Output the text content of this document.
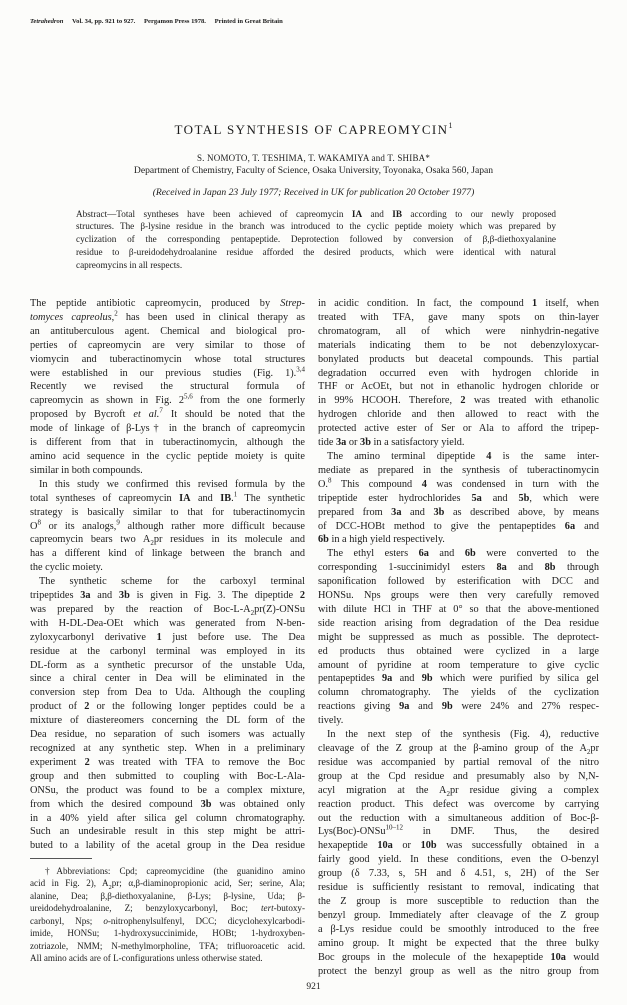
Tetrahedron Vol. 34, pp. 921 to 927. Pergamon Press 1978. Printed in Great Britain
TOTAL SYNTHESIS OF CAPREOMYCIN$^1$
S. NOMOTO, T. TESHIMA, T. WAKAMIYA and T. SHIBA*
Department of Chemistry, Faculty of Science, Osaka University, Toyonaka, Osaka 560, Japan
(Received in Japan 23 July 1977; Received in UK for publication 20 October 1977)
Abstract—Total syntheses have been achieved of capreomycin IA and IB according to our newly proposed
structures. The β-lysine residue in the branch was introduced to the cyclic peptide moiety which was prepared by
cyclization of the corresponding pentapeptide. Deprotection followed by conversion of β,β-diethoxyalanine
residue to β-ureidodehydroalanine residue afforded the desired products, which were identical with natural
capreomycins in all respects.
The peptide antibiotic capreomycin, produced by Strep-
tomyces capreolus,$^2$ has been used in clinical therapy as
an antituberculous agent. Chemical and biological pro-
perties of capreomycin are very similar to those of
viomycin and tuberactinomycin whose total structures
were established in our previous studies (Fig. 1).$^{3,4}$
Recently we revised the structural formula of
capreomycin as shown in Fig. 2$^{5,6}$ from the one formerly
proposed by Bycroft et al.$^7$ It should be noted that the
mode of linkage of β-Lys† in the branch of capreomycin
is different from that in tuberactinomycin, although the
amino acid sequence in the cyclic peptide moiety is quite
similar in both compounds.
In this study we confirmed this revised formula by the
total syntheses of capreomycin IA and IB.$^1$ The synthetic
strategy is basically similar to that for tuberactinomycin
$O^8$ or its analogs,$^9$ although rather more difficult because
capreomycin bears two $A_2pr$ residues in its molecule and
has a different kind of linkage between the branch and
the cyclic moiety.
The synthetic scheme for the carboxyl terminal
tripeptides 3a and 3b is given in Fig. 3. The dipeptide 2
was prepared by the reaction of Boc-$L-A_2pr(Z)$-ONSu
with H-DL-Dea-OEt which was generated from N-ben-
zyloxycarbonyl derivative 1 just before use. The Dea
residue at the carbonyl terminal was employed in its
DL-form as a synthetic precursor of the unstable Uda,
since a chiral center in Dea will be eliminated in the
conversion step from Dea to Uda. Although the coupling
product of 2 or the following longer peptides could be a
mixture of diastereomers concerning the DL form of the
Dea residue, no separation of such isomers was actually
recognized at any synthetic step. When in a preliminary
experiment 2 was treated with TFA to remove the Boc
group and then submitted to coupling with Boc-L-Ala-
ONSu, the product was found to be a complex mixture,
from which the desired compound 3b was obtained only
in a 40% yield after silica gel column chromatography.
Such an undesirable result in this step might be attri-
buted to a lability of the acetal group in the Dea residue
†Abbreviations: Cpd; capreomycidine (the guanidino amino
acid in Fig. 2), $A_2pr$; α,β-diaminopropionic acid, Ser; serine, Ala;
alanine, Dea; β,β-diethoxyalanine, β-Lys; β-lysine, Uda; β-
ureidodehydroalanine, Z; benzyloxycarbonyl, Boc; tert-butoxy-
carbonyl, Nps; o-nitrophenylsulfenyl, DCC; dicyclohexylcarbodi-
imide, HONSu; 1-hydroxysuccinimide, HOBt; 1-hydroxyben-
zotriazole, NMM; N-methylmorpholine, TFA; trifluoroacetic acid.
All amino acids are of L-configurations unless otherwise stated.
in acidic condition. In fact, the compound 1 itself, when
treated with TFA, gave many spots on thin-layer
chromatogram, all of which were ninhydrin-negative
materials indicating them to be not debenzyloxycar-
bonylated products but deacetal compounds. This partial
degradation occurred even with hydrogen chloride in
THF or AcOEt, but not in ethanolic hydrogen chloride or
in 99% HCOOH. Therefore, 2 was treated with ethanolic
hydrogen chloride and then allowed to react with the
protected active ester of Ser or Ala to afford the tripep-
tide 3a or 3b in a satisfactory yield.
The amino terminal dipeptide 4 is the same inter-
mediate as prepared in the synthesis of tuberactinomycin
O.$^8$ This compound 4 was condensed in turn with the
tripeptide ester hydrochlorides 5a and 5b, which were
prepared from 3a and 3b as described above, by means
of DCC-HOBt method to give the pentapeptides 6a and
6b in a high yield respectively.
The ethyl esters 6a and 6b were converted to the
corresponding 1-succinimidyl esters 8a and 8b through
saponification followed by esterification with DCC and
HONSu. Nps groups were then very carefully removed
with dilute HCl in THF at 0° so that the above-mentioned
side reaction arising from degradation of the Dea residue
might be suppressed as much as possible. The deprotect-
ed products thus obtained were cyclized in a large
amount of pyridine at room temperature to give cyclic
pentapeptides 9a and 9b which were purified by silica gel
column chromatography. The yields of the cyclization
reactions giving 9a and 9b were 24% and 27% respec-
tively.
In the next step of the synthesis (Fig. 4), reductive
cleavage of the Z group at the β-amino group of the $A_2pr$
residue was accompanied by partial removal of the nitro
group at the Cpd residue and presumably also by N,N-
acyl migration at the $A_2pr$ residue giving a complex
reaction product. This defect was overcome by carrying
out the reduction with a simultaneous addition of Boc-β-
Lys(Boc)-ONSu$^{10-12}$ in DMF. Thus, the desired
hexapeptide 10a or 10b was successfully obtained in a
fairly good yield. In these conditions, even the O-benzyl
group (δ 7.33, s, 5H and δ 4.51, s, 2H) of the Ser
residue is sufficiently resistant to removal, indicating that
the Z group is more susceptible to reduction than the
benzyl group. Immediately after cleavage of the Z group
a β-Lys residue could be smoothly introduced to the free
amino group. It might be expected that the three bulky
Boc groups in the molecule of the hexapeptide 10a would
protect the benzyl group as well as the nitro group from
921
